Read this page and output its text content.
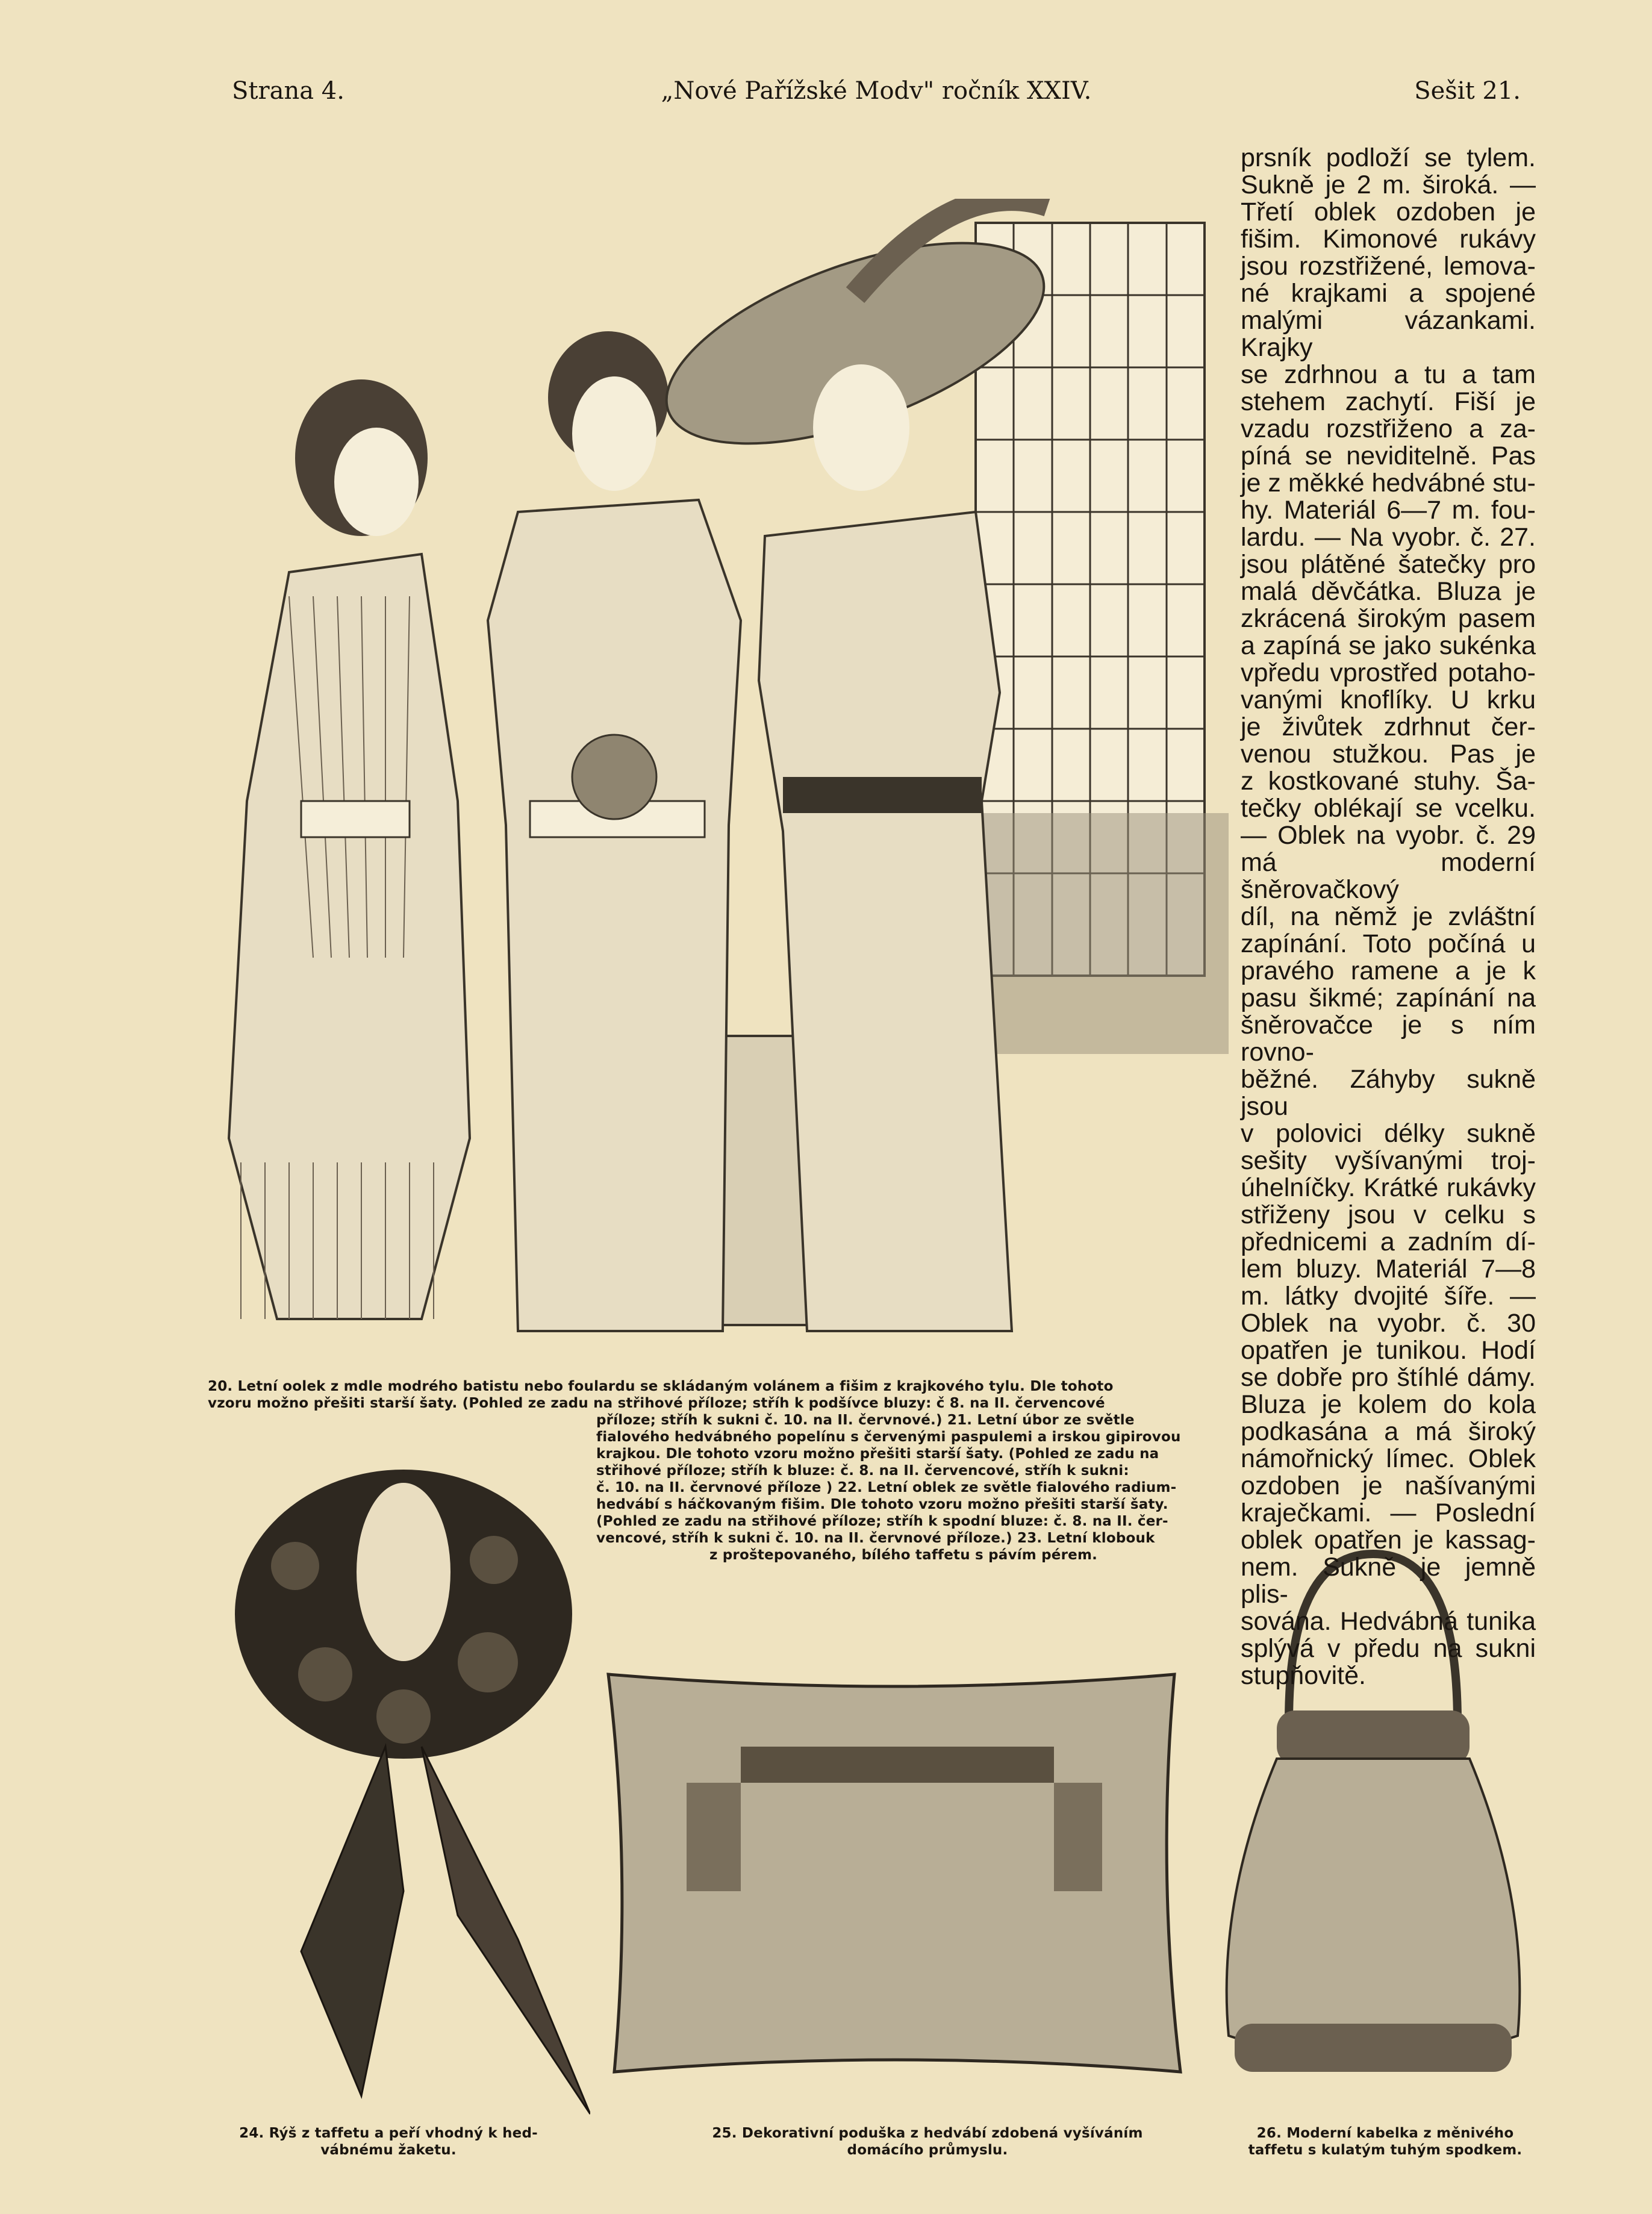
Strana 4.	„Nové Pařížské Modv" ročník XXIV.	Sešit 21.
20. Letní oolek z mdle modrého batistu nebo foulardu se skládaným volánem a fišim z krajkového tylu. Dle tohoto
vzoru možno přešiti starší šaty. (Pohled ze zadu na střihové příloze; stříh k podšívce bluzy: č 8. na II. červencové
příloze; stříh k sukni č. 10. na II. červnové.) 21. Letní úbor ze světle
fialového hedvábného popelínu s červenými paspulemi a irskou gipirovou
krajkou. Dle tohoto vzoru možno přešiti starší šaty. (Pohled ze zadu na
střihové příloze; stříh k bluze: č. 8. na II. červencové, stříh k sukni:
č. 10. na II. červnové příloze ) 22. Letní oblek ze světle fialového radium-
hedvábí s háčkovaným fišim. Dle tohoto vzoru možno přešiti starší šaty.
(Pohled ze zadu na střihové příloze; stříh k spodní bluze: č. 8. na II. čer-
vencové, stříh k sukni č. 10. na II. červnové příloze.) 23. Letní klobouk
z proštepovaného, bílého taffetu s pávím pérem.
24. Rýš z taffetu a peří vhodný k hed-
vábnému žaketu.
25. Dekorativní poduška z hedvábí zdobená vyšíváním
domácího průmyslu.
26. Moderní kabelka z měnivého
taffetu s kulatým tuhým spodkem.
prsník podloží se tylem.
Sukně je 2 m. široká. —
Třetí oblek ozdoben je
fišim. Kimonové rukávy
jsou rozstřižené, lemova-
né krajkami a spojené
malými vázankami. Krajky
se zdrhnou a tu a tam
stehem zachytí. Fiší je
vzadu rozstřiženo a za-
píná se neviditelně. Pas
je z měkké hedvábné stu-
hy. Materiál 6—7 m. fou-
lardu. — Na vyobr. č. 27.
jsou plátěné šatečky pro
malá děvčátka. Bluza je
zkrácená širokým pasem
a zapíná se jako sukénka
vpředu vprostřed potaho-
vanými knoflíky. U krku
je živůtek zdrhnut čer-
venou stužkou. Pas je
z kostkované stuhy. Ša-
tečky oblékají se vcelku.
— Oblek na vyobr. č. 29
má moderní šněrovačkový
díl, na němž je zvláštní
zapínání. Toto počíná u
pravého ramene a je k
pasu šikmé; zapínání na
šněrovačce je s ním rovno-
běžné. Záhyby sukně jsou
v polovici délky sukně
sešity vyšívanými troj-
úhelníčky. Krátké rukávky
střiženy jsou v celku s
přednicemi a zadním dí-
lem bluzy. Materiál 7—8
m. látky dvojité šíře. —
Oblek na vyobr. č. 30
opatřen je tunikou. Hodí
se dobře pro štíhlé dámy.
Bluza je kolem do kola
podkasána a má široký
námořnický límec. Oblek
ozdoben je našívanými
kraječkami. — Poslední
oblek opatřen je kassag-
nem. Sukně je jemně plis-
sována. Hedvábná tunika
splývá v předu na sukni
stupňovitě.
